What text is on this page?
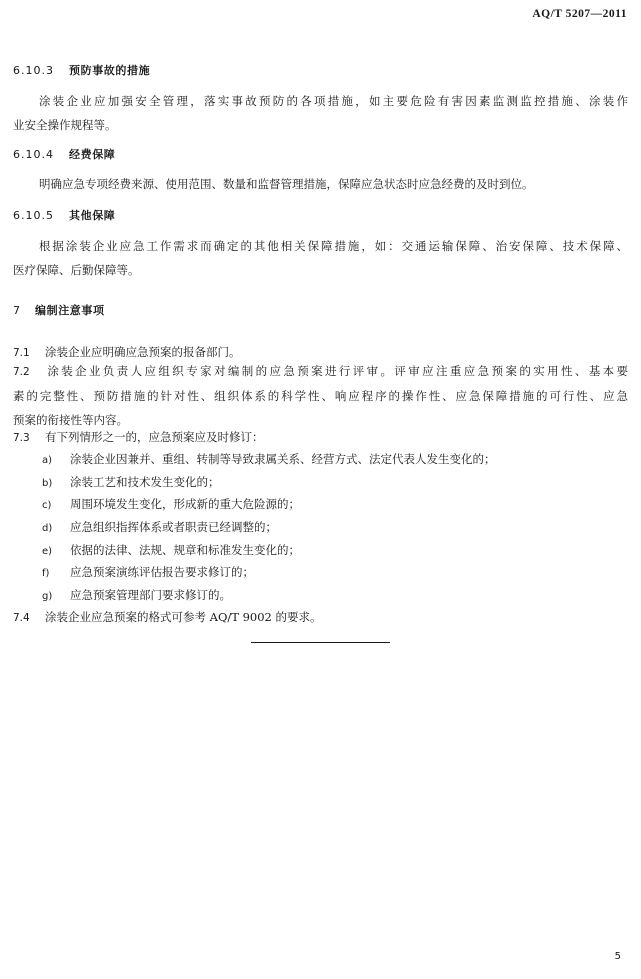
AQ/T 5207—2011
6.10.3 预防事故的措施
涂装企业应加强安全管理，落实事故预防的各项措施，如主要危险有害因素监测监控措施、涂装作
业安全操作规程等。
6.10.4 经费保障
明确应急专项经费来源、使用范围、数量和监督管理措施，保障应急状态时应急经费的及时到位。
6.10.5 其他保障
根据涂装企业应急工作需求而确定的其他相关保障措施，如：交通运输保障、治安保障、技术保障、
医疗保障、后勤保障等。
7 编制注意事项
7.1 涂装企业应明确应急预案的报备部门。
7.2 涂装企业负责人应组织专家对编制的应急预案进行评审。评审应注重应急预案的实用性、基本要
素的完整性、预防措施的针对性、组织体系的科学性、响应程序的操作性、应急保障措施的可行性、应急
预案的衔接性等内容。
7.3 有下列情形之一的，应急预案应及时修订：
a) 涂装企业因兼并、重组、转制等导致隶属关系、经营方式、法定代表人发生变化的；
b) 涂装工艺和技术发生变化的；
c) 周围环境发生变化，形成新的重大危险源的；
d) 应急组织指挥体系或者职责已经调整的；
e) 依据的法律、法规、规章和标准发生变化的；
f) 应急预案演练评估报告要求修订的；
g) 应急预案管理部门要求修订的。
7.4 涂装企业应急预案的格式可参考 AQ/T 9002 的要求。
5
